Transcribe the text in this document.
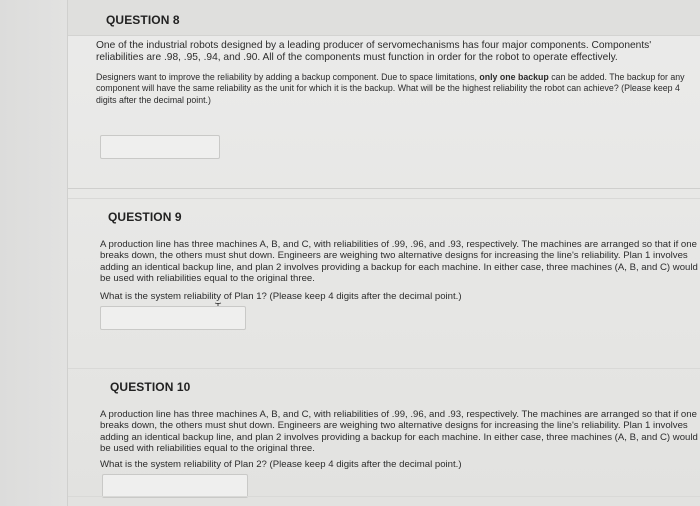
QUESTION 8
One of the industrial robots designed by a leading producer of servomechanisms has four major components. Components' reliabilities are .98, .95, .94, and .90. All of the components must function in order for the robot to operate effectively.
Designers want to improve the reliability by adding a backup component. Due to space limitations, only one backup can be added. The backup for any component will have the same reliability as the unit for which it is the backup. What will be the highest reliability the robot can achieve? (Please keep 4 digits after the decimal point.)
QUESTION 9
A production line has three machines A, B, and C, with reliabilities of .99, .96, and .93, respectively. The machines are arranged so that if one breaks down, the others must shut down. Engineers are weighing two alternative designs for increasing the line's reliability. Plan 1 involves adding an identical backup line, and plan 2 involves providing a backup for each machine. In either case, three machines (A, B, and C) would be used with reliabilities equal to the original three.
What is the system reliability of Plan 1? (Please keep 4 digits after the decimal point.)
QUESTION 10
A production line has three machines A, B, and C, with reliabilities of .99, .96, and .93, respectively. The machines are arranged so that if one breaks down, the others must shut down. Engineers are weighing two alternative designs for increasing the line's reliability. Plan 1 involves adding an identical backup line, and plan 2 involves providing a backup for each machine. In either case, three machines (A, B, and C) would be used with reliabilities equal to the original three.
What is the system reliability of Plan 2? (Please keep 4 digits after the decimal point.)
